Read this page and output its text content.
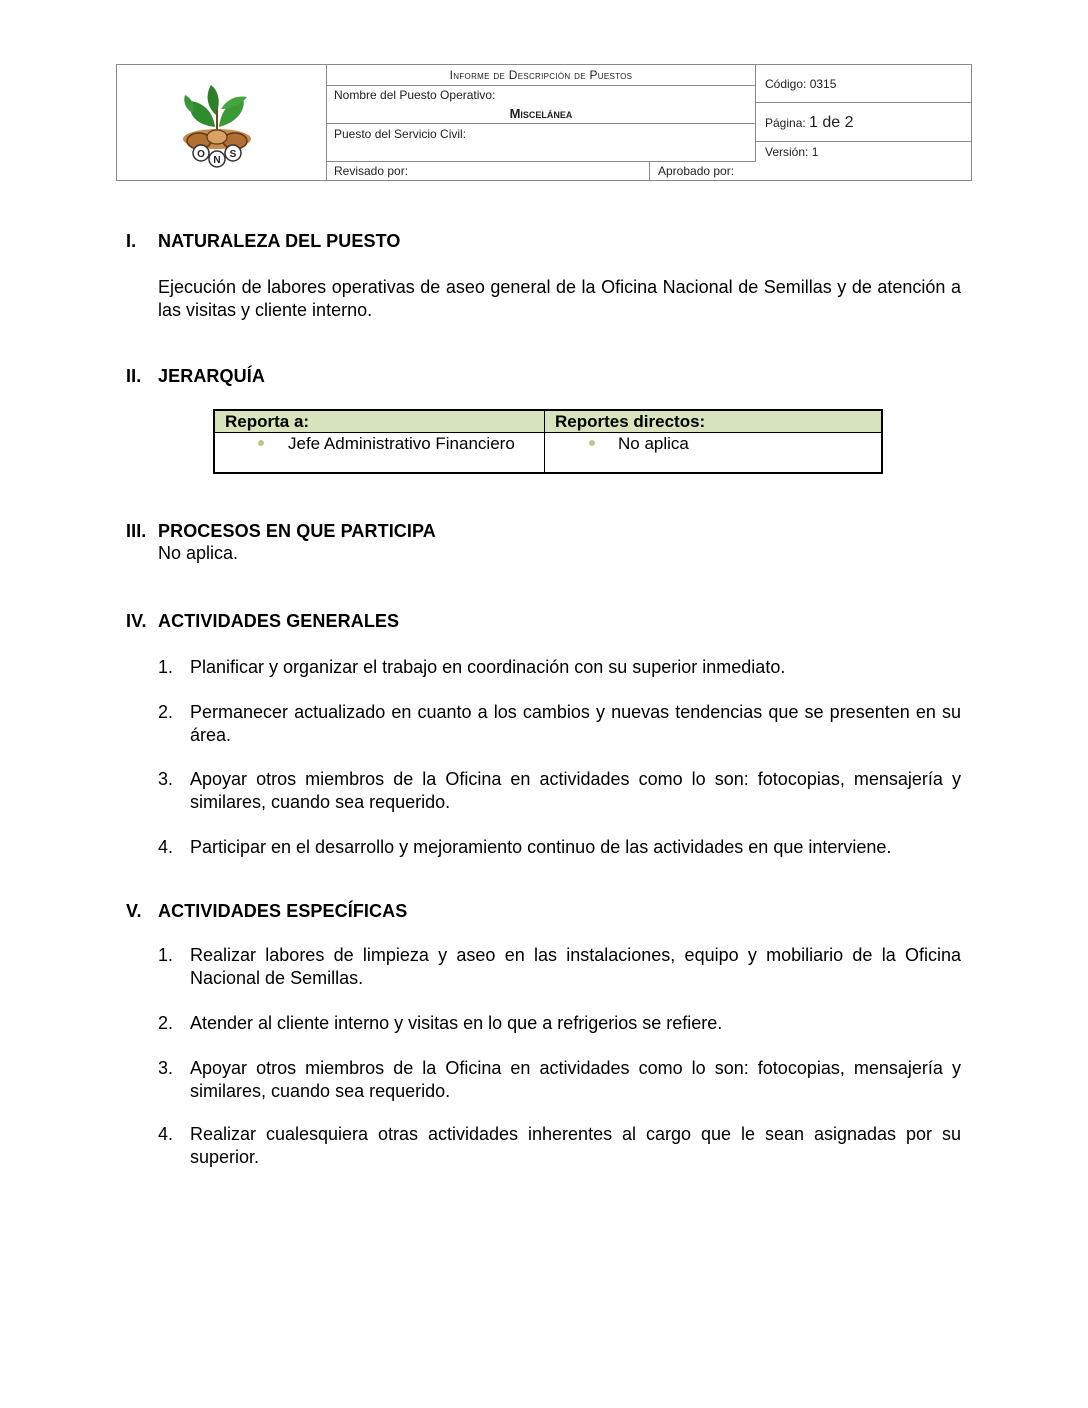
O
N
S
Informe de Descripción de Puestos
Nombre del Puesto Operativo:
Miscelánea
Puesto del Servicio Civil:
Revisado por:	Aprobado por:
Código: 0315
Página: 1 de 2
Versión: 1
I. NATURALEZA DEL PUESTO
Ejecución de labores operativas de aseo general de la Oficina Nacional de Semillas y de atención a las visitas y cliente interno.
II. JERARQUÍA
Reporta a:	Reportes directos:
Jefe Administrativo Financiero	No aplica
III. PROCESOS EN QUE PARTICIPA
No aplica.
IV. ACTIVIDADES GENERALES
1. Planificar y organizar el trabajo en coordinación con su superior inmediato.
2. Permanecer actualizado en cuanto a los cambios y nuevas tendencias que se presenten en su área.
3. Apoyar otros miembros de la Oficina en actividades como lo son: fotocopias, mensajería y similares, cuando sea requerido.
4. Participar en el desarrollo y mejoramiento continuo de las actividades en que interviene.
V. ACTIVIDADES ESPECÍFICAS
1. Realizar labores de limpieza y aseo en las instalaciones, equipo y mobiliario de la Oficina Nacional de Semillas.
2. Atender al cliente interno y visitas en lo que a refrigerios se refiere.
3. Apoyar otros miembros de la Oficina en actividades como lo son: fotocopias, mensajería y similares, cuando sea requerido.
4. Realizar cualesquiera otras actividades inherentes al cargo que le sean asignadas por su superior.
